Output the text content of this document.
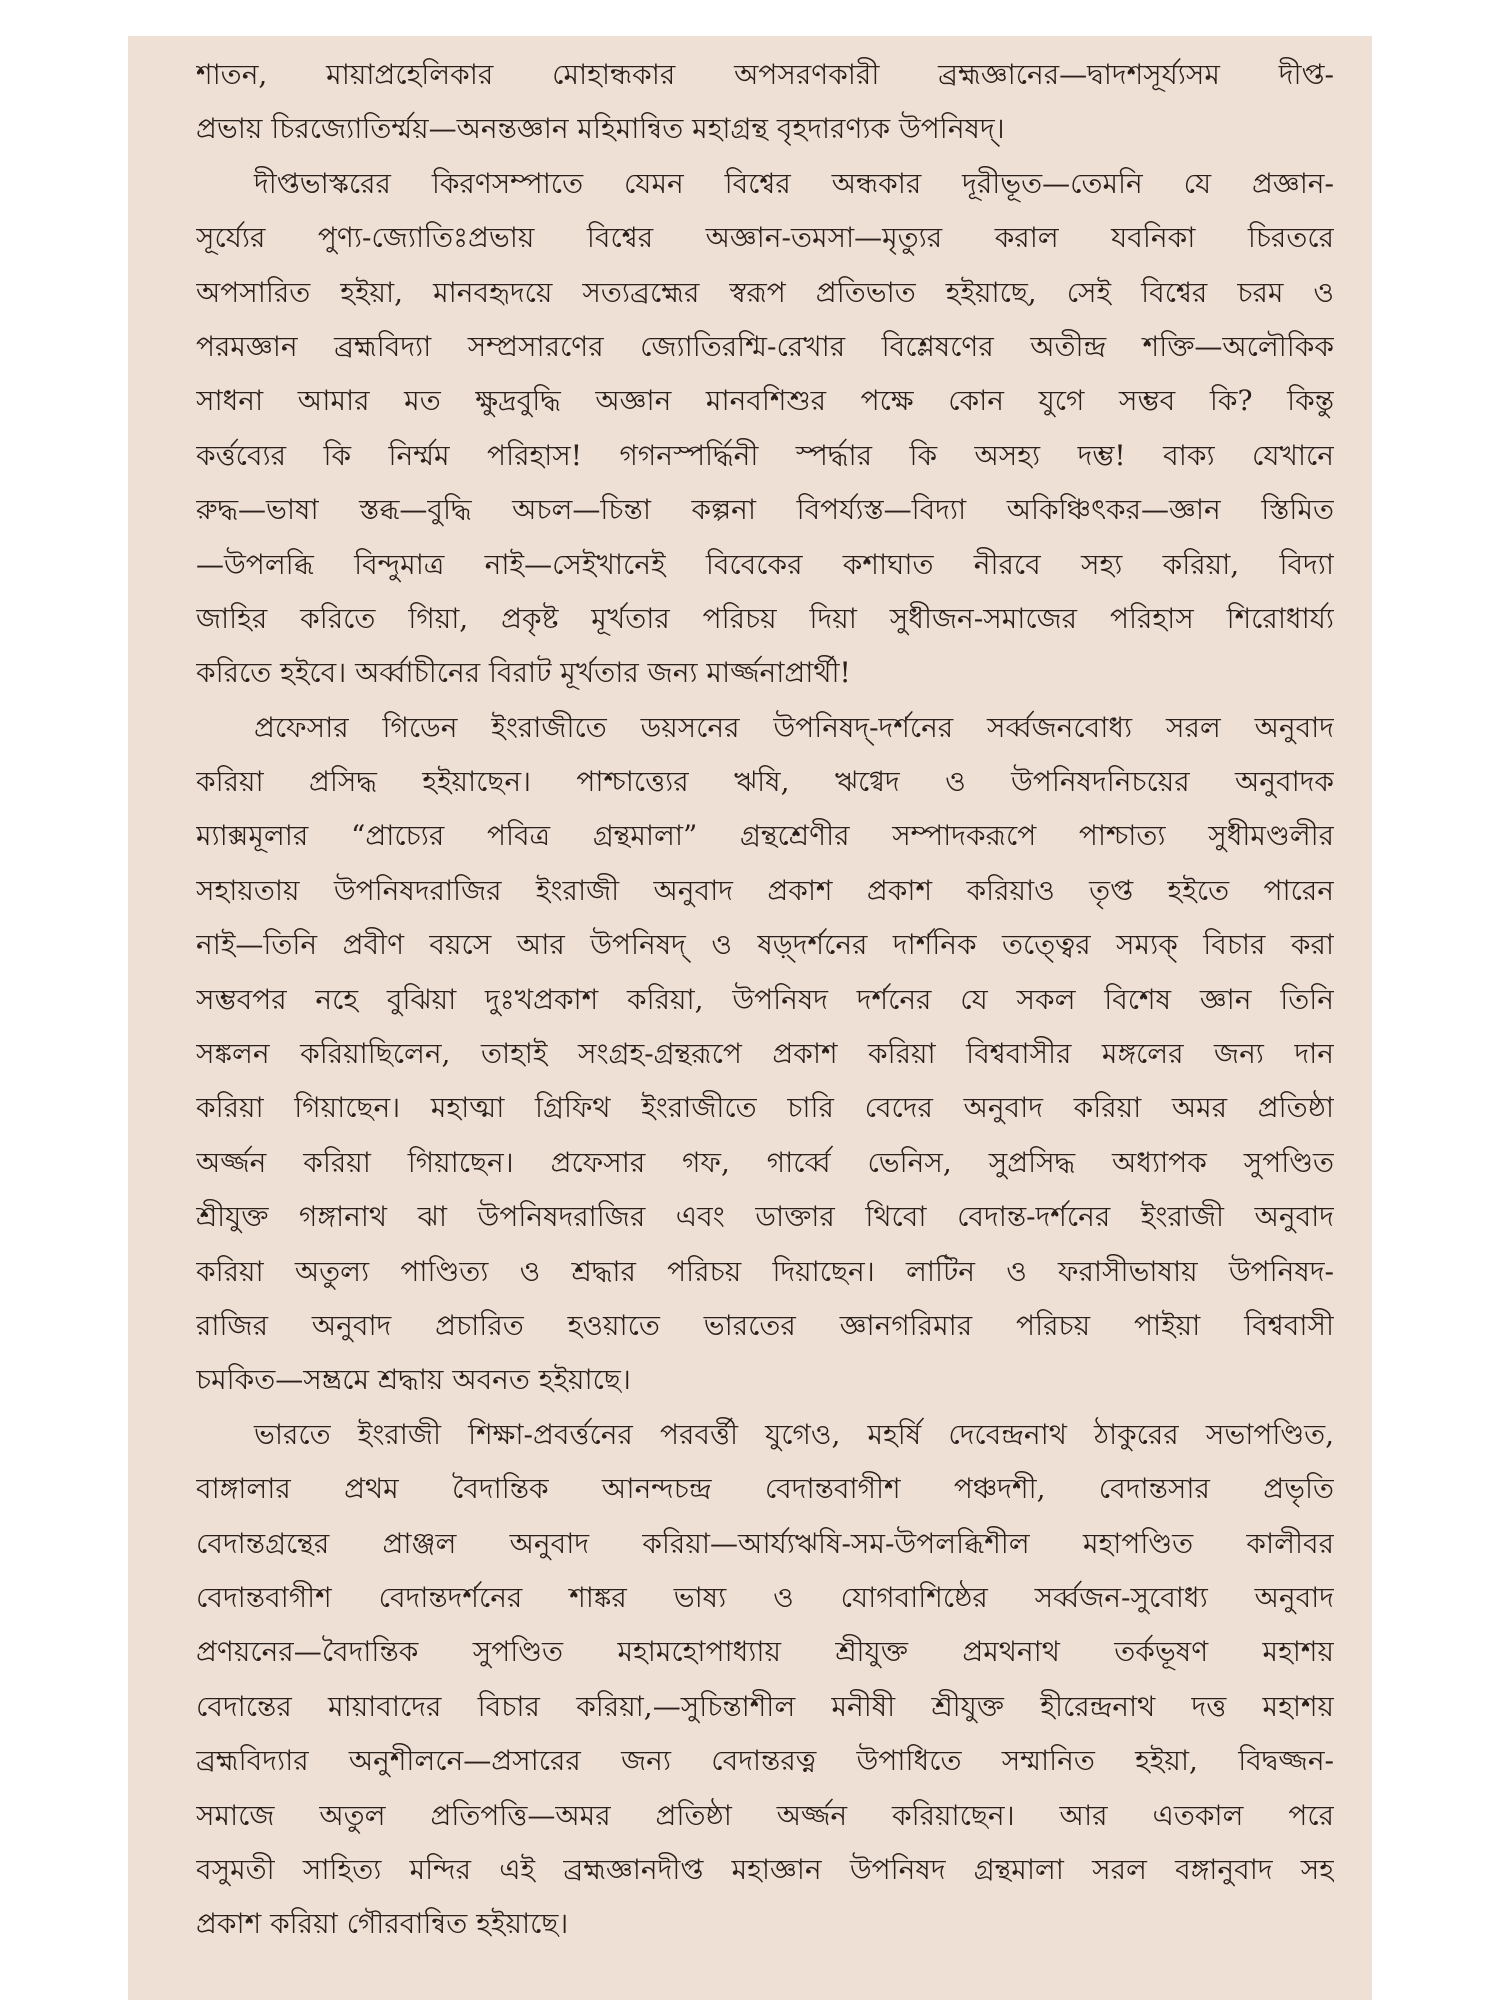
শাতন, মায়াপ্রহেলিকার মোহান্ধকার অপসরণকারী ব্রহ্মজ্ঞানের—দ্বাদশসূর্য্যসম দীপ্ত-
প্রভায় চিরজ্যোতির্ম্ময়—অনন্তজ্ঞান মহিমান্বিত মহাগ্রন্থ বৃহদারণ্যক উপনিষদ্।
দীপ্তভাস্করের কিরণসম্পাতে যেমন বিশ্বের অন্ধকার দূরীভূত—তেমনি যে প্রজ্ঞান-
সূর্য্যের পুণ্য-জ্যোতিঃপ্রভায় বিশ্বের অজ্ঞান-তমসা—মৃত্যুর করাল যবনিকা চিরতরে
অপসারিত হইয়া, মানবহৃদয়ে সত্যব্রহ্মের স্বরূপ প্রতিভাত হইয়াছে, সেই বিশ্বের চরম ও
পরমজ্ঞান ব্রহ্মবিদ্যা সম্প্রসারণের জ্যোতিরশ্মি-রেখার বিশ্লেষণের অতীন্দ্র শক্তি—অলৌকিক
সাধনা আমার মত ক্ষুদ্রবুদ্ধি অজ্ঞান মানবশিশুর পক্ষে কোন যুগে সম্ভব কি? কিন্তু
কর্ত্তব্যের কি নির্ম্মম পরিহাস! গগনস্পর্দ্ধিনী স্পর্দ্ধার কি অসহ্য দম্ভ! বাক্য যেখানে
রুদ্ধ—ভাষা স্তব্ধ—বুদ্ধি অচল—চিন্তা কল্পনা বিপর্য্যস্ত—বিদ্যা অকিঞ্চিৎকর—জ্ঞান স্তিমিত
—উপলব্ধি বিন্দুমাত্র নাই—সেইখানেই বিবেকের কশাঘাত নীরবে সহ্য করিয়া, বিদ্যা
জাহির করিতে গিয়া, প্রকৃষ্ট মূর্খতার পরিচয় দিয়া সুধীজন-সমাজের পরিহাস শিরোধার্য্য
করিতে হইবে। অর্ব্বাচীনের বিরাট মূর্খতার জন্য মার্জ্জনাপ্রার্থী!
প্রফেসার গিডেন ইংরাজীতে ডয়সনের উপনিষদ্-দর্শনের সর্ব্বজনবোধ্য সরল অনুবাদ
করিয়া প্রসিদ্ধ হইয়াছেন। পাশ্চাত্ত্যের ঋষি, ঋগ্বেদ ও উপনিষদনিচয়ের অনুবাদক
ম্যাক্সমূলার “প্রাচ্যের পবিত্র গ্রন্থমালা” গ্রন্থশ্রেণীর সম্পাদকরূপে পাশ্চাত্য সুধীমণ্ডলীর
সহায়তায় উপনিষদরাজির ইংরাজী অনুবাদ প্রকাশ প্রকাশ করিয়াও তৃপ্ত হইতে পারেন
নাই—তিনি প্রবীণ বয়সে আর উপনিষদ্ ও ষড়্‌দর্শনের দার্শনিক তত্ত্বের সম্যক্ বিচার করা
সম্ভবপর নহে বুঝিয়া দুঃখপ্রকাশ করিয়া, উপনিষদ দর্শনের যে সকল বিশেষ জ্ঞান তিনি
সঙ্কলন করিয়াছিলেন, তাহাই সংগ্রহ-গ্রন্থরূপে প্রকাশ করিয়া বিশ্ববাসীর মঙ্গলের জন্য দান
করিয়া গিয়াছেন। মহাত্মা গ্রিফিথ ইংরাজীতে চারি বেদের অনুবাদ করিয়া অমর প্রতিষ্ঠা
অর্জ্জন করিয়া গিয়াছেন। প্রফেসার গফ, গার্ব্বে ভেনিস, সুপ্রসিদ্ধ অধ্যাপক সুপণ্ডিত
শ্রীযুক্ত গঙ্গানাথ ঝা উপনিষদরাজির এবং ডাক্তার থিবো বেদান্ত-দর্শনের ইংরাজী অনুবাদ
করিয়া অতুল্য পাণ্ডিত্য ও শ্রদ্ধার পরিচয় দিয়াছেন। লাটিন ও ফরাসীভাষায় উপনিষদ-
রাজির অনুবাদ প্রচারিত হওয়াতে ভারতের জ্ঞানগরিমার পরিচয় পাইয়া বিশ্ববাসী
চমকিত—সম্ভ্রমে শ্রদ্ধায় অবনত হইয়াছে।
ভারতে ইংরাজী শিক্ষা-প্রবর্ত্তনের পরবর্ত্তী যুগেও, মহর্ষি দেবেন্দ্রনাথ ঠাকুরের সভাপণ্ডিত,
বাঙ্গালার প্রথম বৈদান্তিক আনন্দচন্দ্র বেদান্তবাগীশ পঞ্চদশী, বেদান্তসার প্রভৃতি
বেদান্তগ্রন্থের প্রাঞ্জল অনুবাদ করিয়া—আর্য্যঋষি-সম-উপলব্ধিশীল মহাপণ্ডিত কালীবর
বেদান্তবাগীশ বেদান্তদর্শনের শাঙ্কর ভাষ্য ও যোগবাশিষ্ঠের সর্ব্বজন-সুবোধ্য অনুবাদ
প্রণয়নের—বৈদান্তিক সুপণ্ডিত মহামহোপাধ্যায় শ্রীযুক্ত প্রমথনাথ তর্কভূষণ মহাশয়
বেদান্তের মায়াবাদের বিচার করিয়া,—সুচিন্তাশীল মনীষী শ্রীযুক্ত হীরেন্দ্রনাথ দত্ত মহাশয়
ব্রহ্মবিদ্যার অনুশীলনে—প্রসারের জন্য বেদান্তরত্ন উপাধিতে সম্মানিত হইয়া, বিদ্বজ্জন-
সমাজে অতুল প্রতিপত্তি—অমর প্রতিষ্ঠা অর্জ্জন করিয়াছেন। আর এতকাল পরে
বসুমতী সাহিত্য মন্দির এই ব্রহ্মজ্ঞানদীপ্ত মহাজ্ঞান উপনিষদ গ্রন্থমালা সরল বঙ্গানুবাদ সহ
প্রকাশ করিয়া গৌরবান্বিত হইয়াছে।
